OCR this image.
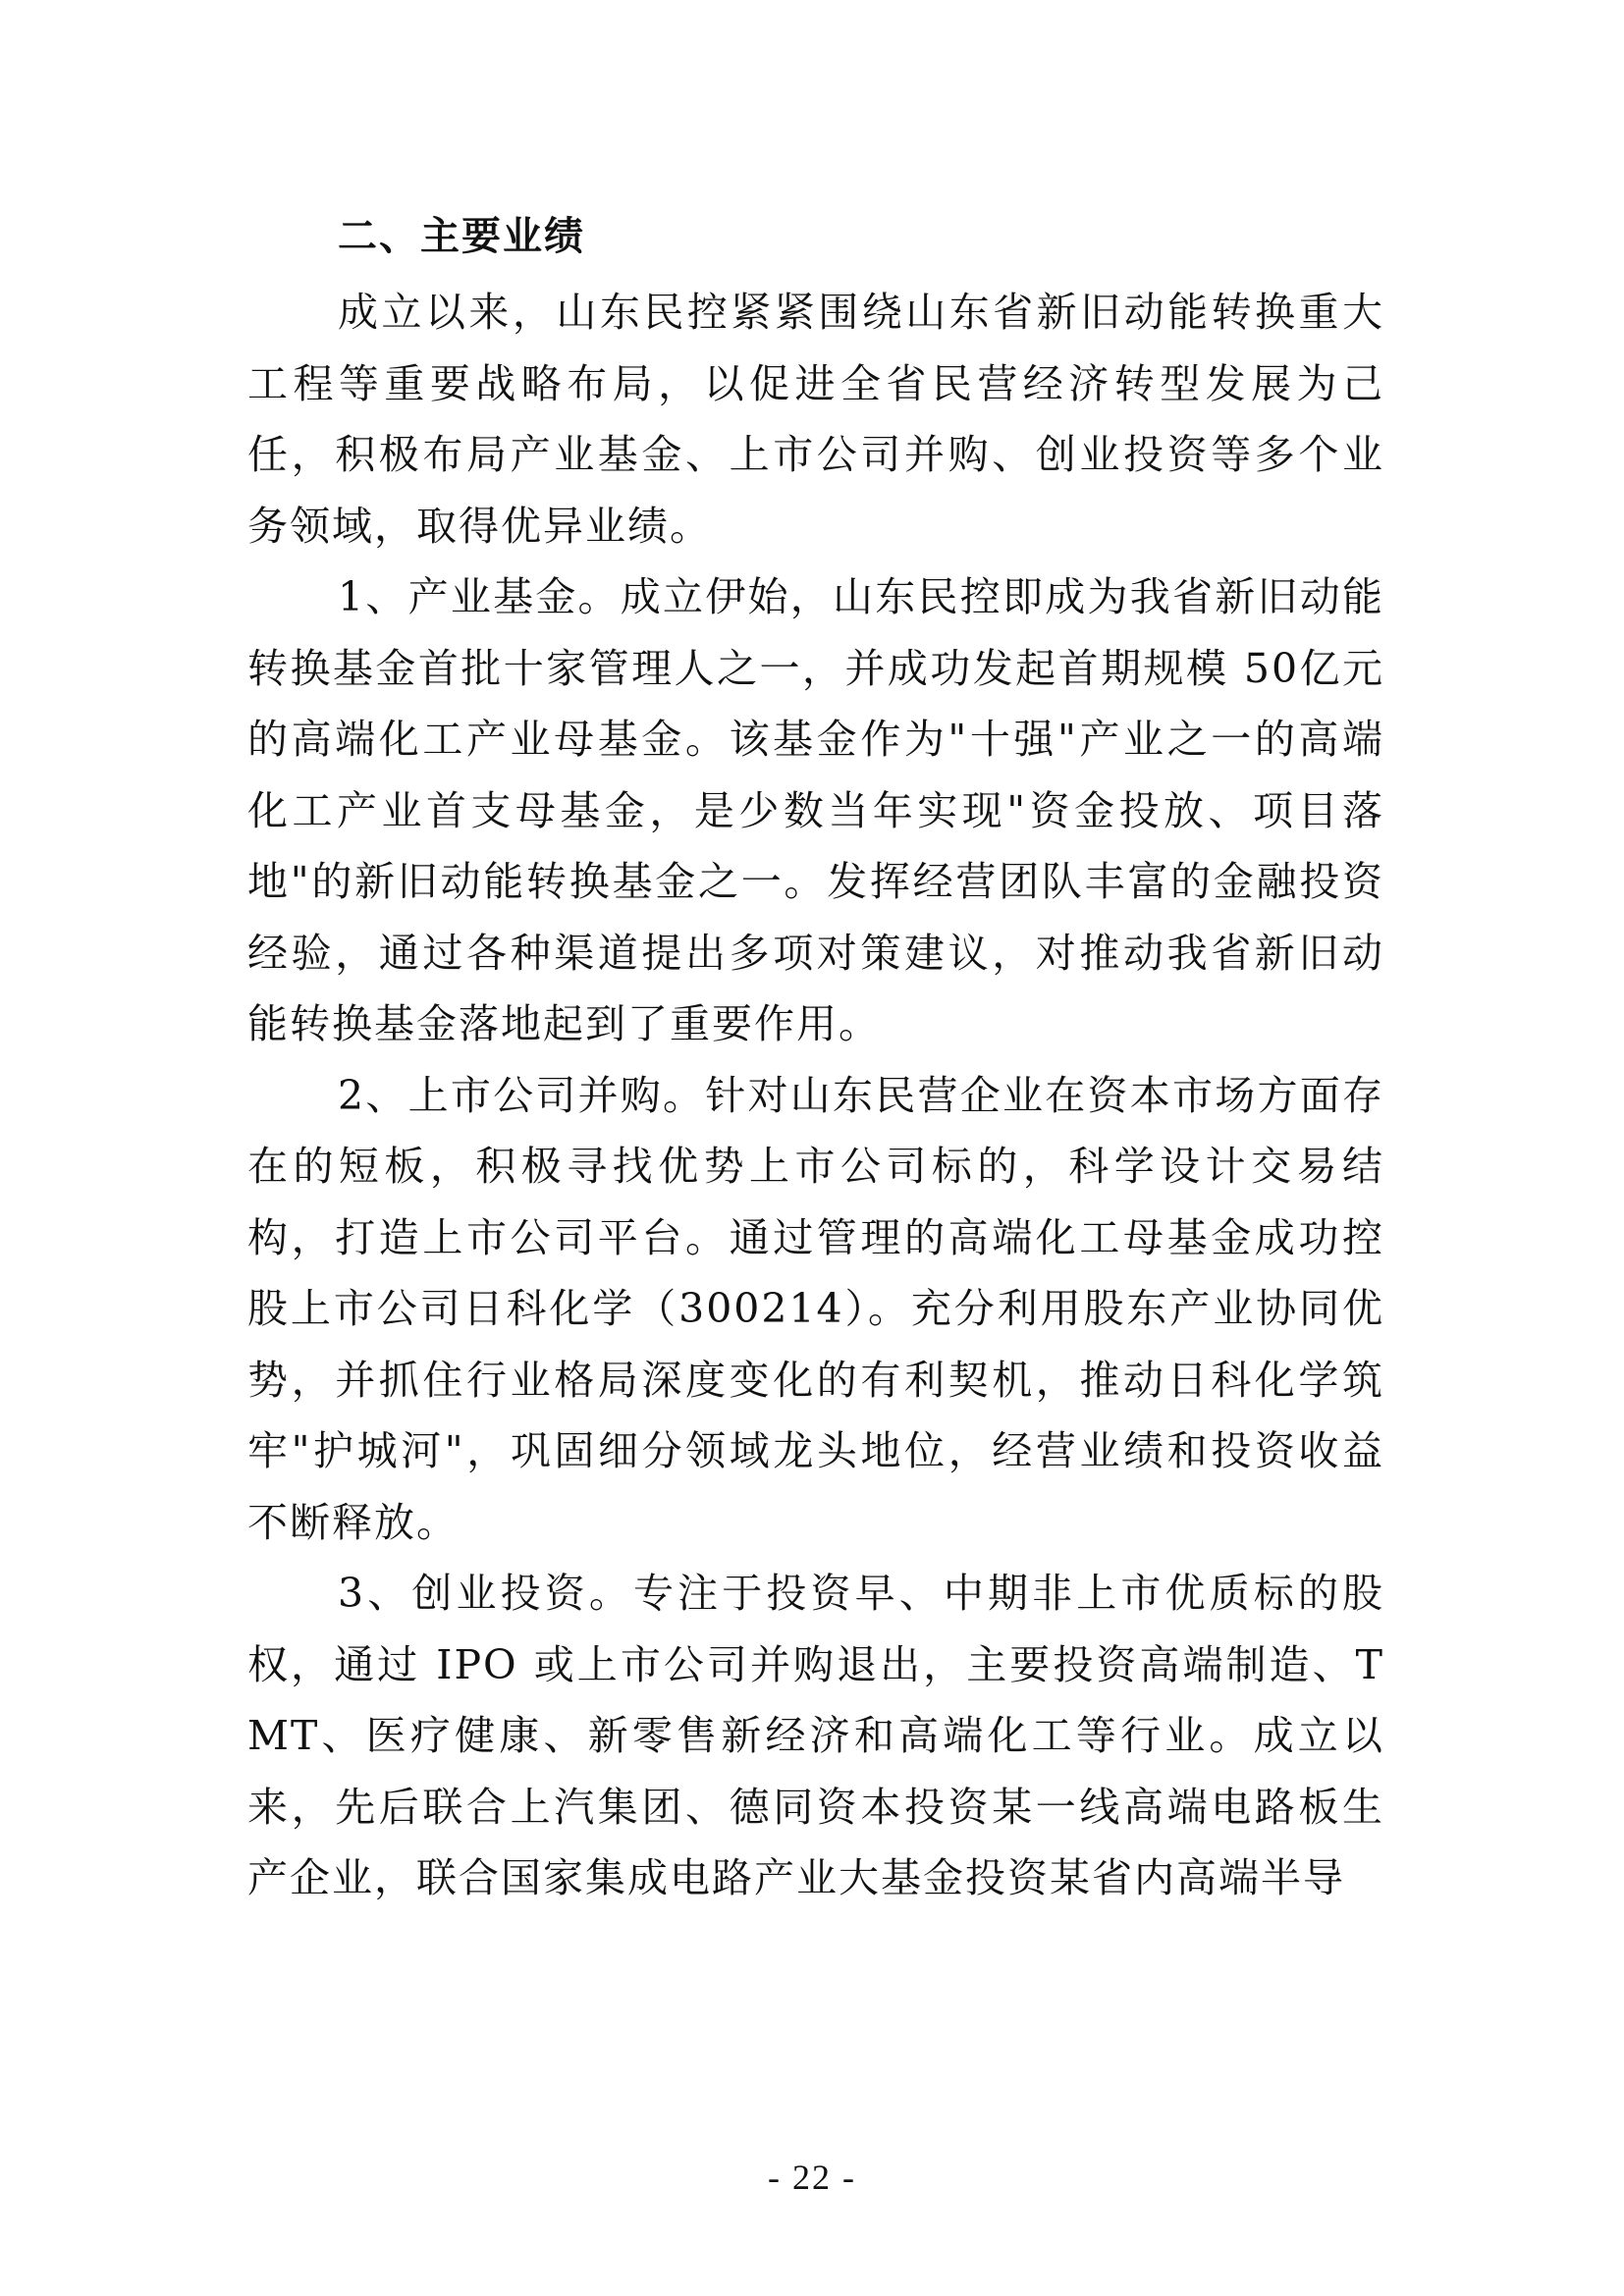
二、主要业绩

成立以来，山东民控紧紧围绕山东省新旧动能转换重大工程等重要战略布局，以促进全省民营经济转型发展为己任，积极布局产业基金、上市公司并购、创业投资等多个业务领域，取得优异业绩。

1、产业基金。成立伊始，山东民控即成为我省新旧动能转换基金首批十家管理人之一，并成功发起首期规模 50亿元的高端化工产业母基金。该基金作为"十强"产业之一的高端化工产业首支母基金，是少数当年实现"资金投放、项目落地"的新旧动能转换基金之一。发挥经营团队丰富的金融投资经验，通过各种渠道提出多项对策建议，对推动我省新旧动能转换基金落地起到了重要作用。

2、上市公司并购。针对山东民营企业在资本市场方面存在的短板，积极寻找优势上市公司标的，科学设计交易结构，打造上市公司平台。通过管理的高端化工母基金成功控股上市公司日科化学（300214）。充分利用股东产业协同优势，并抓住行业格局深度变化的有利契机，推动日科化学筑牢"护城河"，巩固细分领域龙头地位，经营业绩和投资收益不断释放。

3、创业投资。专注于投资早、中期非上市优质标的股权，通过 IPO 或上市公司并购退出，主要投资高端制造、TMT、医疗健康、新零售新经济和高端化工等行业。成立以来，先后联合上汽集团、德同资本投资某一线高端电路板生产企业，联合国家集成电路产业大基金投资某省内高端半导

- 22 -
